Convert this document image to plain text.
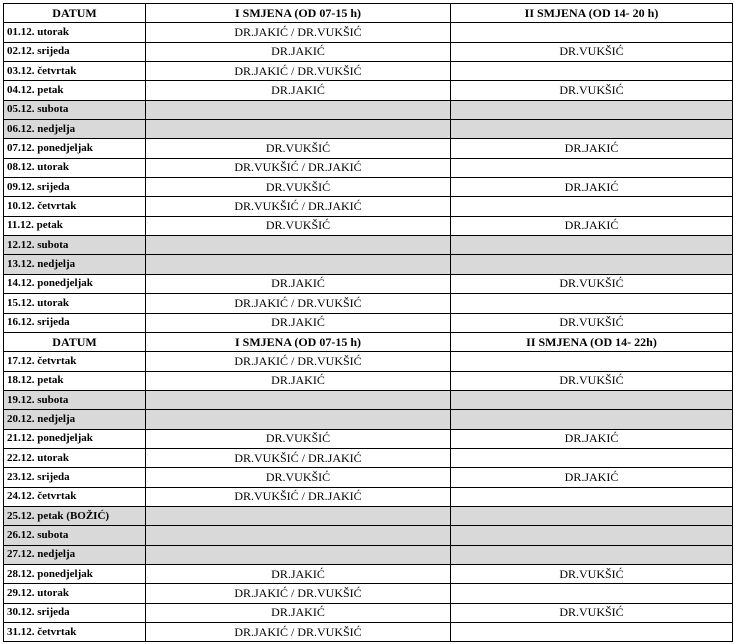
DATUM	I SMJENA (OD 07-15 h)	II SMJENA (OD 14- 20 h)
01.12. utorak	DR.JAKIĆ / DR.VUKŠIĆ	
02.12. srijeda	DR.JAKIĆ	DR.VUKŠIĆ
03.12. četvrtak	DR.JAKIĆ / DR.VUKŠIĆ	
04.12. petak	DR.JAKIĆ	DR.VUKŠIĆ
05.12. subota		
06.12. nedjelja		
07.12. ponedjeljak	DR.VUKŠIĆ	DR.JAKIĆ
08.12. utorak	DR.VUKŠIĆ / DR.JAKIĆ	
09.12. srijeda	DR.VUKŠIĆ	DR.JAKIĆ
10.12. četvrtak	DR.VUKŠIĆ / DR.JAKIĆ	
11.12. petak	DR.VUKŠIĆ	DR.JAKIĆ
12.12. subota		
13.12. nedjelja		
14.12. ponedjeljak	DR.JAKIĆ	DR.VUKŠIĆ
15.12. utorak	DR.JAKIĆ / DR.VUKŠIĆ	
16.12. srijeda	DR.JAKIĆ	DR.VUKŠIĆ
DATUM	I SMJENA (OD 07-15 h)	II SMJENA (OD 14- 22h)
17.12. četvrtak	DR.JAKIĆ / DR.VUKŠIĆ	
18.12. petak	DR.JAKIĆ	DR.VUKŠIĆ
19.12. subota		
20.12. nedjelja		
21.12. ponedjeljak	DR.VUKŠIĆ	DR.JAKIĆ
22.12. utorak	DR.VUKŠIĆ / DR.JAKIĆ	
23.12. srijeda	DR.VUKŠIĆ	DR.JAKIĆ
24.12. četvrtak	DR.VUKŠIĆ / DR.JAKIĆ	
25.12. petak (BOŽIĆ)		
26.12. subota		
27.12. nedjelja		
28.12. ponedjeljak	DR.JAKIĆ	DR.VUKŠIĆ
29.12. utorak	DR.JAKIĆ / DR.VUKŠIĆ	
30.12. srijeda	DR.JAKIĆ	DR.VUKŠIĆ
31.12. četvrtak	DR.JAKIĆ / DR.VUKŠIĆ	
